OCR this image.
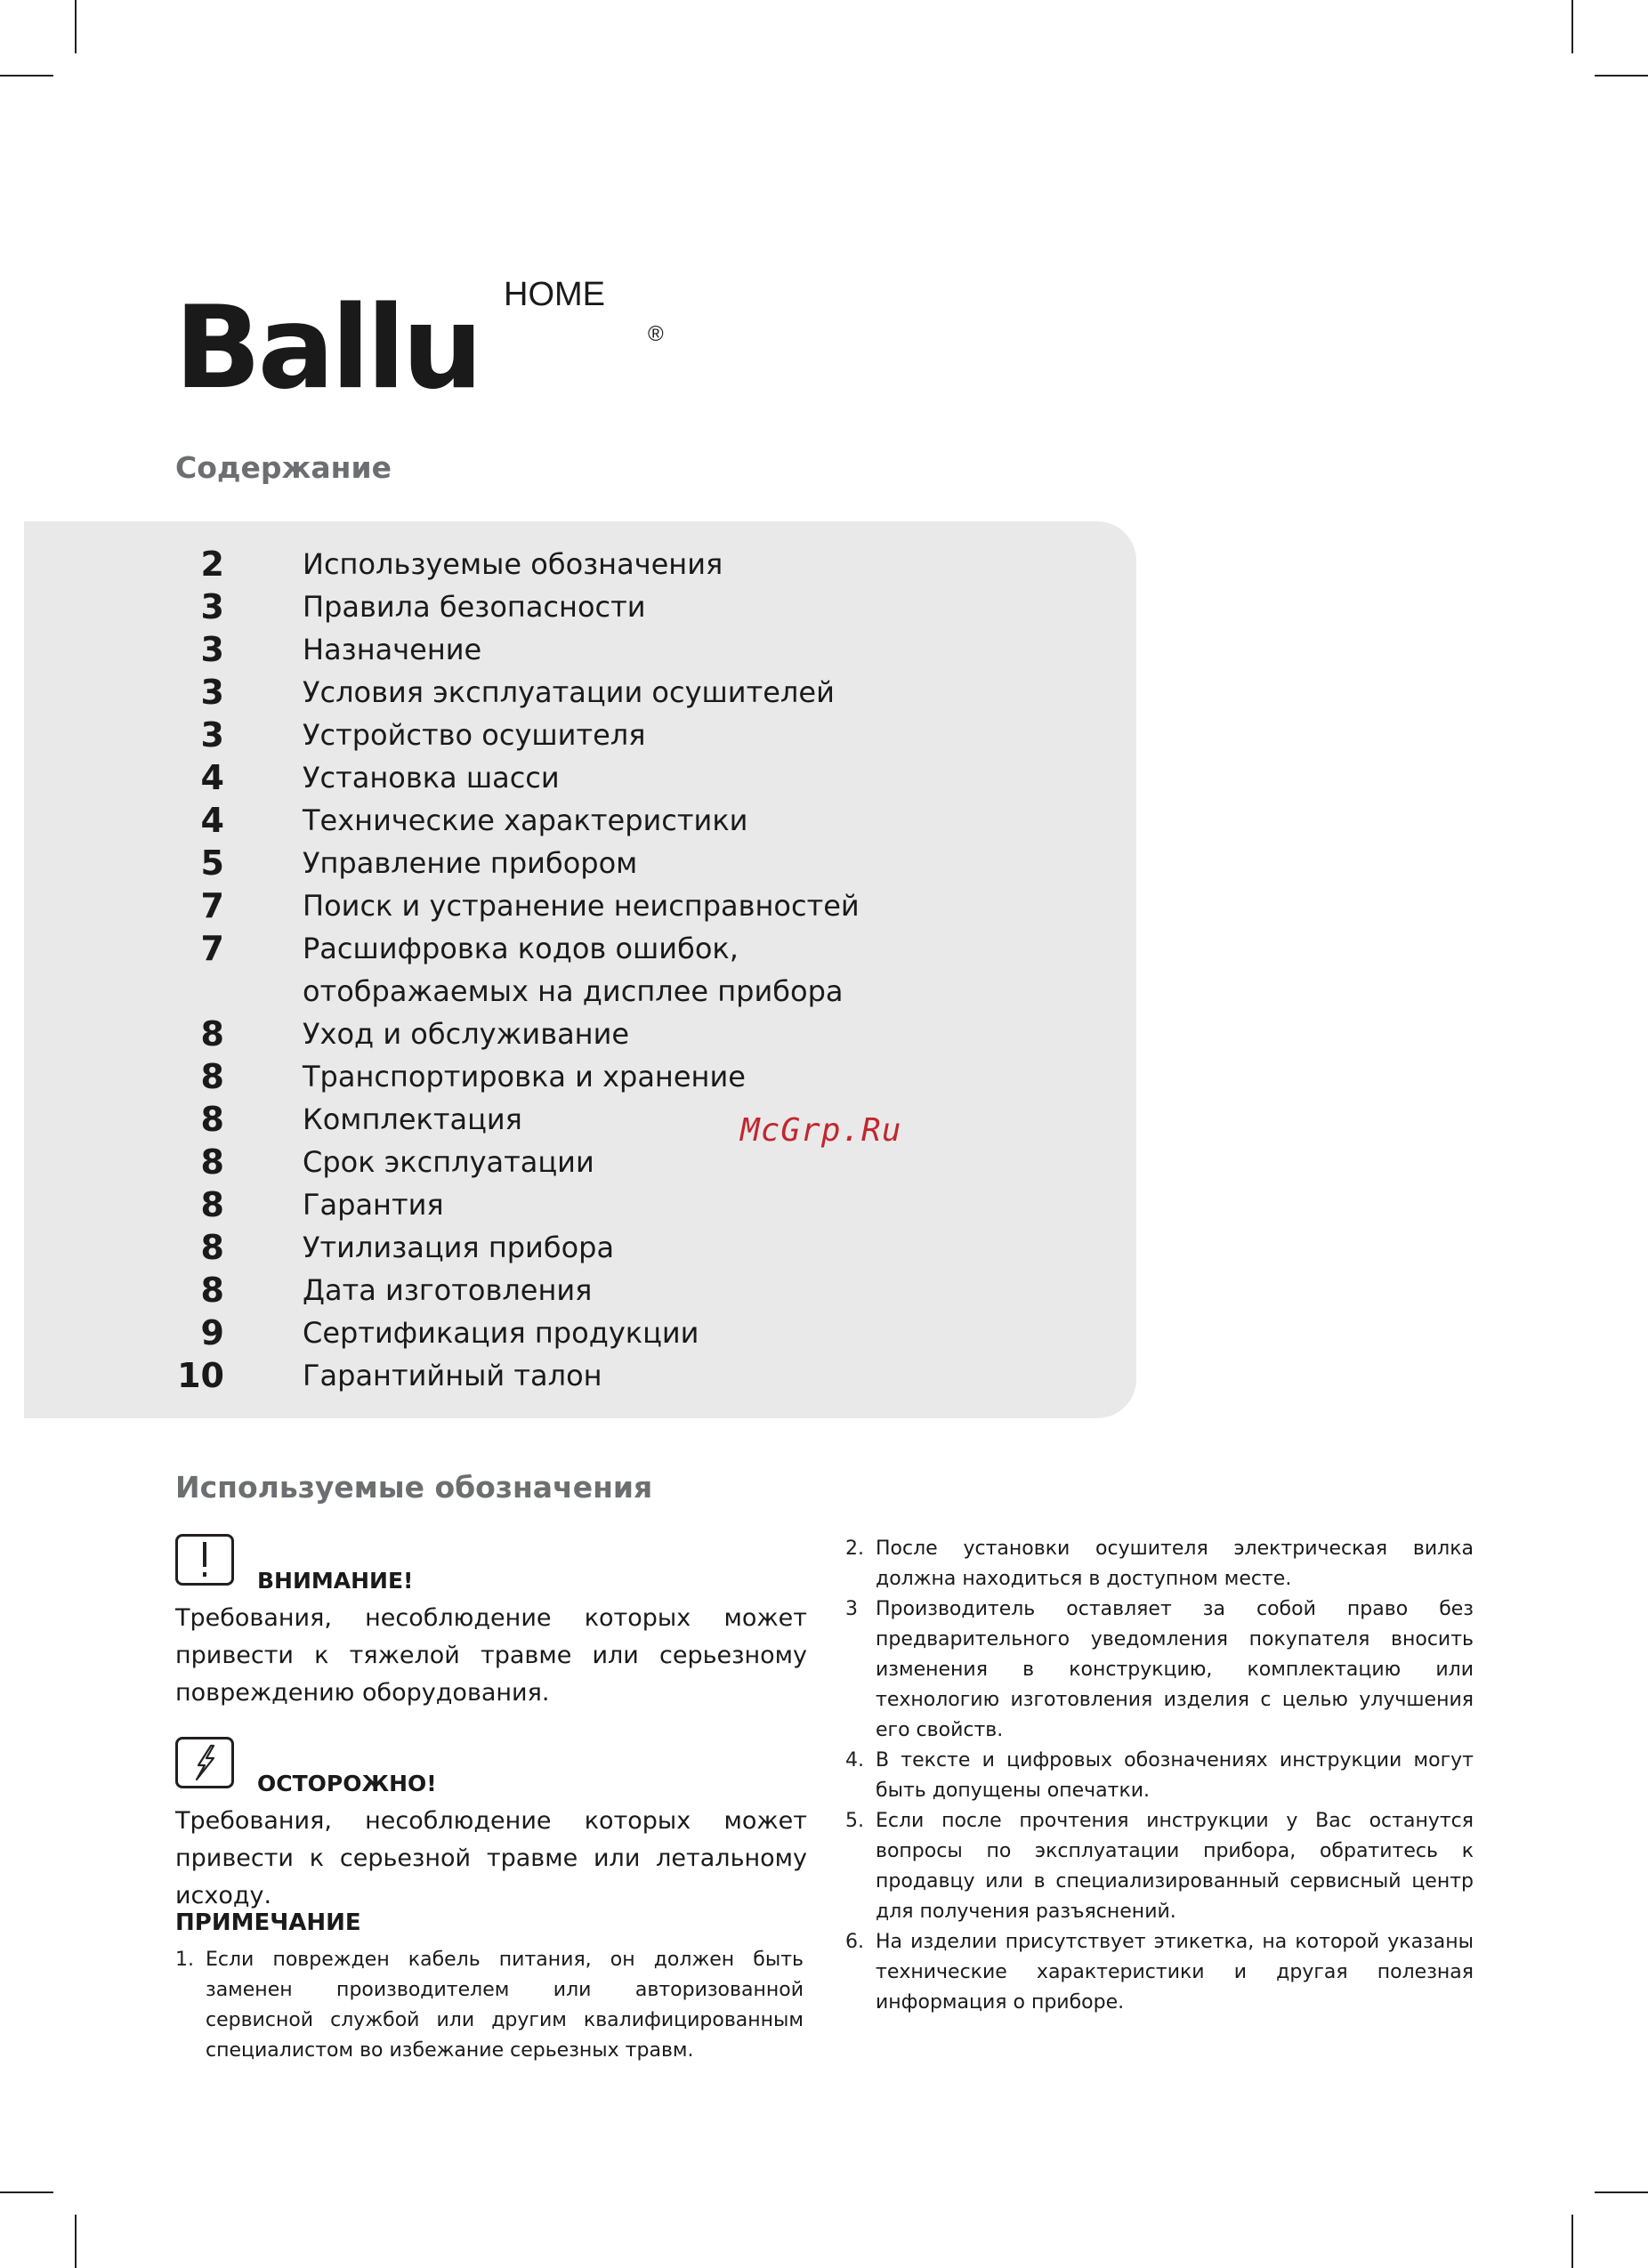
Ballu HOME
®
Содержание
2	Используемые обозначения
3	Правила безопасности
3	Назначение
3	Условия эксплуатации осушителей
3	Устройство осушителя
4	Установка шасси
4	Технические характеристики
5	Управление прибором
7	Поиск и устранение неисправностей
7	Расшифровка кодов ошибок,
отображаемых на дисплее прибора
8	Уход и обслуживание
8	Транспортировка и хранение
8	Комплектация
8	Срок эксплуатации
8	Гарантия
8	Утилизация прибора
8	Дата изготовления
9	Сертификация продукции
10	Гарантийный талон
McGrp.Ru
Используемые обозначения
ВНИМАНИЕ!
Требования, несоблюдение которых может привести к тяжелой травме или серьезному повреждению оборудования.
ОСТОРОЖНО!
Требования, несоблюдение которых может привести к серьезной травме или летальному исходу.
ПРИМЕЧАНИЕ
1. Если поврежден кабель питания, он должен быть заменен производителем или авторизованной сервисной службой или другим квалифицированным специалистом во избежание серьезных травм.
2. После установки осушителя электрическая вилка должна находиться в доступном месте.
3 Производитель оставляет за собой право без предварительного уведомления покупателя вносить изменения в конструкцию, комплектацию или технологию изготовления изделия с целью улучшения его свойств.
4. В тексте и цифровых обозначениях инструкции могут быть допущены опечатки.
5. Если после прочтения инструкции у Вас останутся вопросы по эксплуатации прибора, обратитесь к продавцу или в специализированный сервисный центр для получения разъяснений.
6. На изделии присутствует этикетка, на которой указаны технические характеристики и другая полезная информация о приборе.
